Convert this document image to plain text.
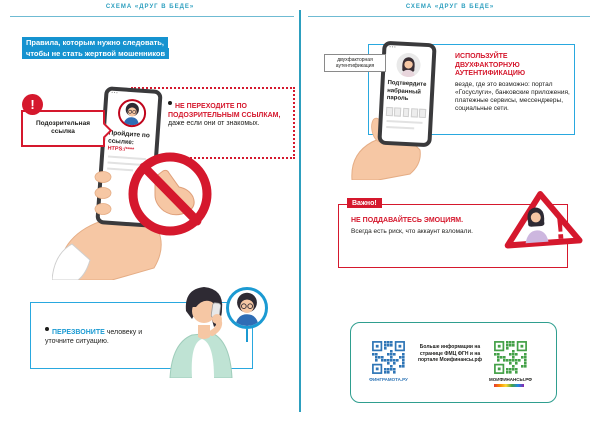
СХЕМА «ДРУГ В БЕДЕ»
Правила, которым нужно следовать,
чтобы не стать жертвой мошенников
•••
Пройдите по ссылке:
HTPS:/****
!
Подозрительная
ссылка

НЕ ПЕРЕХОДИТЕ ПО ПОДОЗРИТЕЛЬНЫМ ССЫЛКАМ, даже если они от знакомых.

ПЕРЕЗВОНИТЕ человеку и уточните ситуацию.

СХЕМА «ДРУГ В БЕДЕ»
ИСПОЛЬЗУЙТЕ ДВУХФАКТОРНУЮ АУТЕНТИФИКАЦИЮ
везде, где это возможно: портал «Госуслуги», банковские приложения, платежные сервисы, мессенджеры, социальные сети.
•••
Подтвердите набранный пароль
двухфакторная
аутентификация
Важно!
НЕ ПОДДАВАЙТЕСЬ ЭМОЦИЯМ.
Всегда есть риск, что аккаунт взломали. !
ФИНГРАМОТА.РУ
Больше информации на странице ФМЦ ФГН и на портале Моифинансы.рф
МОИФИНАНСЫ.РФ
